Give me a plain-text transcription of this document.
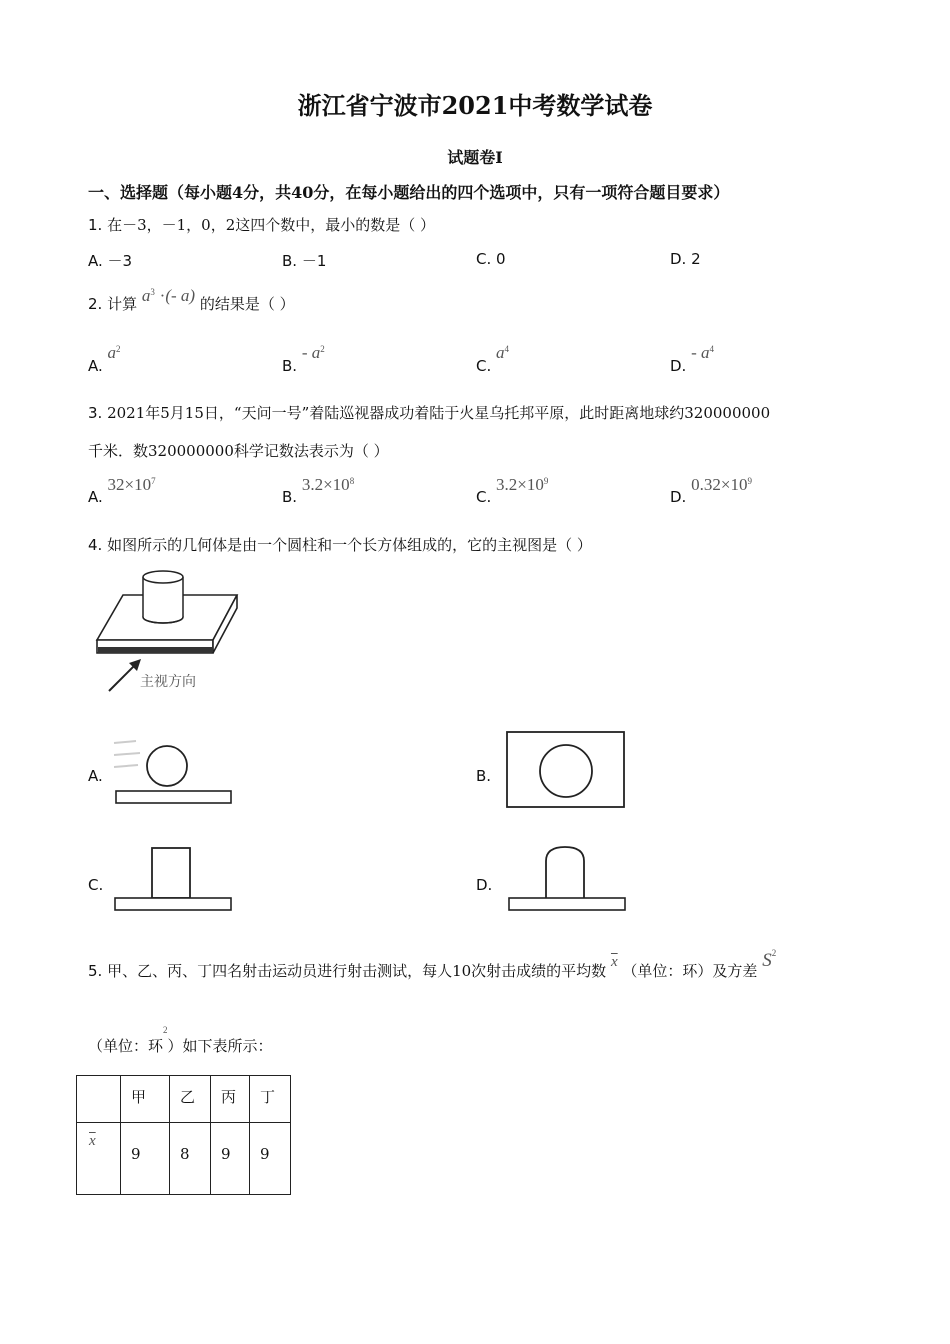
浙江省宁波市2021中考数学试卷
试题卷Ⅰ
一、选择题（每小题4分，共40分，在每小题给出的四个选项中，只有一项符合题目要求）
1. 在－3，－1，0，2这四个数中，最小的数是（ ）
A. －3	B. －1	C. 0	D. 2
2. 计算 $a^3$ ·(- a) 的结果是（ ）
A. $a^2$
B. - $a^2$
C. $a^4$
D. - $a^4$
3. 2021年5月15日，“天问一号”着陆巡视器成功着陆于火星乌托邦平原，此时距离地球约320000000
千米．数320000000科学记数法表示为（ ）
A. $32\times 10^7$
B. $3.2\times 10^8$
C. $3.2\times 10^9$
D. $0.32\times 10^9$
4. 如图所示的几何体是由一个圆柱和一个长方体组成的，它的主视图是（ ）
主视方向
A.	B.
C.	D.
5. 甲、乙、丙、丁四名射击运动员进行射击测试，每人10次射击成绩的平均数 $\overline{x}$ （单位：环）及方差 $S^2$
（单位：环$^2$）如下表所示：
	甲	乙	丙	丁
$\overline{x}$	9	8	9	9
